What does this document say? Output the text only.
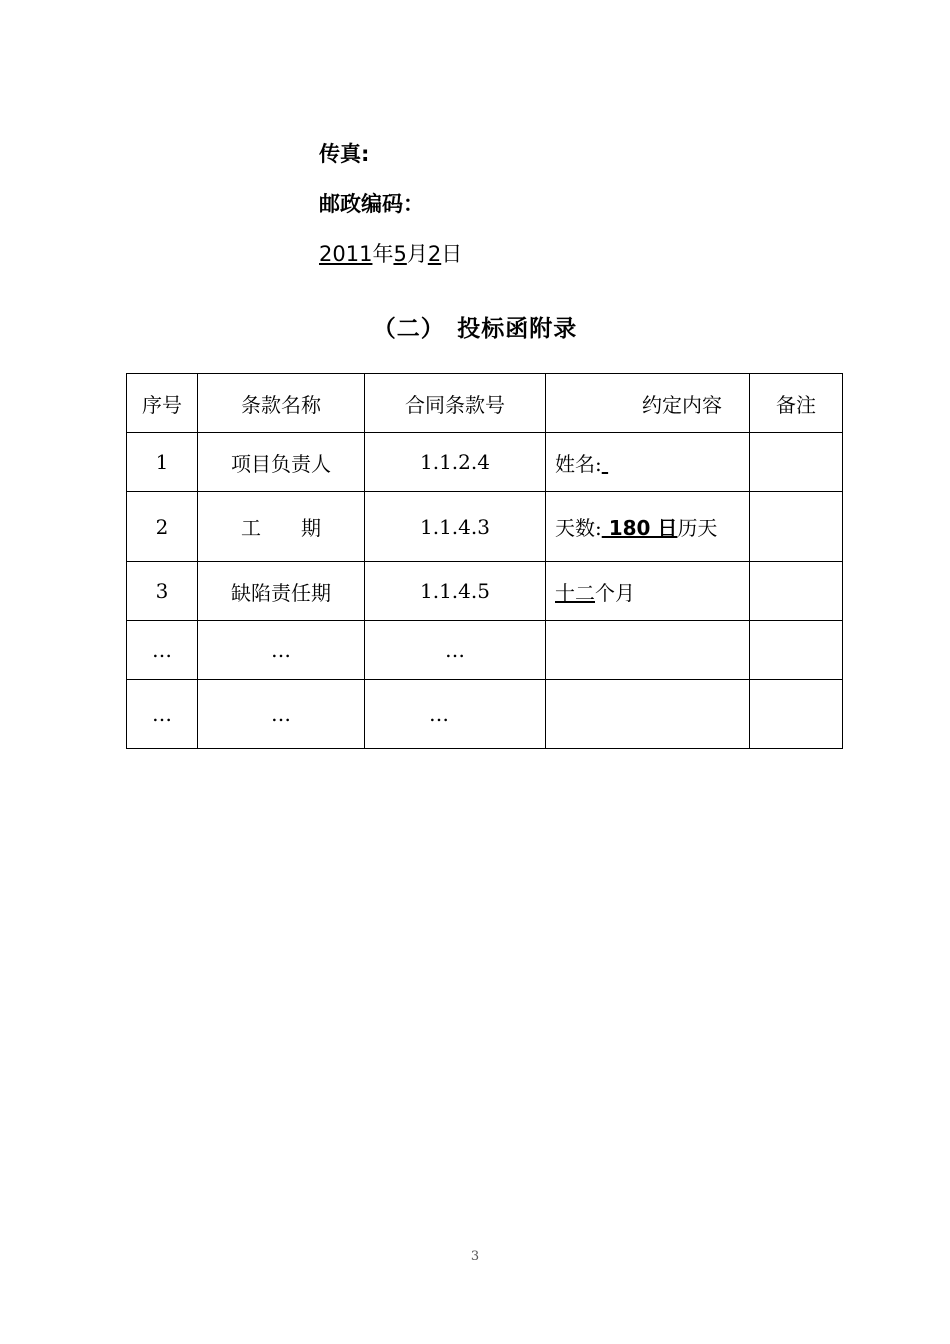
传真:
邮政编码：
2011年5月2日
（二）　投标函附录
序号	条款名称	合同条款号	约定内容	备注
1	项目负责人	1.1.2.4	姓名:	
2	工　　期	1.1.4.3	天数: 180 日历天	
3	缺陷责任期	1.1.4.5	十二个月	
…	…	…		
…	…	…		
3
